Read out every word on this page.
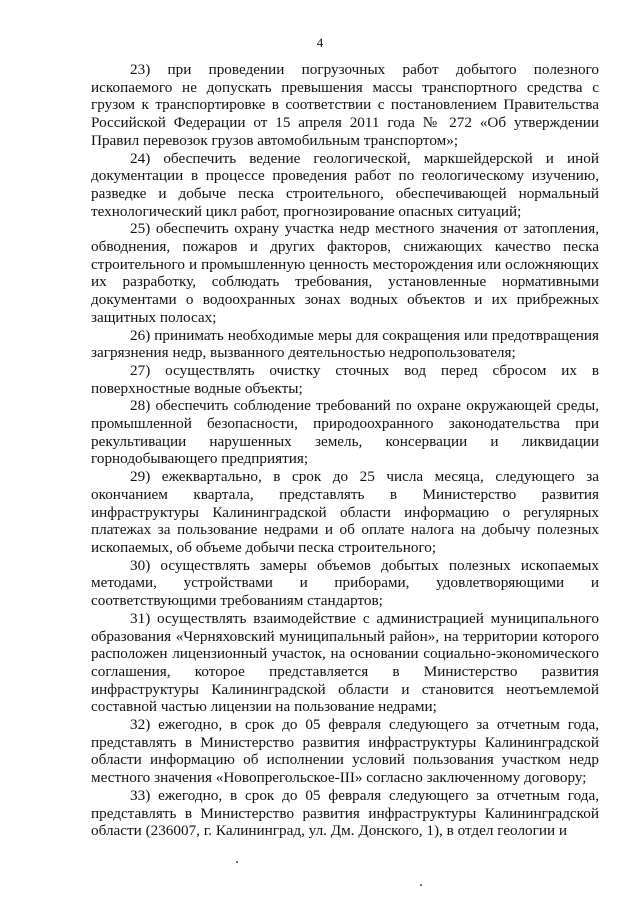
4

23) при проведении погрузочных работ добытого полезного ископаемого не допускать превышения массы транспортного средства с грузом к транспортировке в соответствии с постановлением Правительства Российской Федерации от 15 апреля 2011 года № 272 «Об утверждении Правил перевозок грузов автомобильным транспортом»;

24) обеспечить ведение геологической, маркшейдерской и иной документации в процессе проведения работ по геологическому изучению, разведке и добыче песка строительного, обеспечивающей нормальный технологический цикл работ, прогнозирование опасных ситуаций;

25) обеспечить охрану участка недр местного значения от затопления, обводнения, пожаров и других факторов, снижающих качество песка строительного и промышленную ценность месторождения или осложняющих их разработку, соблюдать требования, установленные нормативными документами о водоохранных зонах водных объектов и их прибрежных защитных полосах;

26) принимать необходимые меры для сокращения или предотвращения загрязнения недр, вызванного деятельностью недропользователя;

27) осуществлять очистку сточных вод перед сбросом их в поверхностные водные объекты;

28) обеспечить соблюдение требований по охране окружающей среды, промышленной безопасности, природоохранного законодательства при рекультивации нарушенных земель, консервации и ликвидации горнодобывающего предприятия;

29) ежеквартально, в срок до 25 числа месяца, следующего за окончанием квартала, представлять в Министерство развития инфраструктуры Калининградской области информацию о регулярных платежах за пользование недрами и об оплате налога на добычу полезных ископаемых, об объеме добычи песка строительного;

30) осуществлять замеры объемов добытых полезных ископаемых методами, устройствами и приборами, удовлетворяющими и соответствующими требованиям стандартов;

31) осуществлять взаимодействие с администрацией муниципального образования «Черняховский муниципальный район», на территории которого расположен лицензионный участок, на основании социально-экономического соглашения, которое представляется в Министерство развития инфраструктуры Калининградской области и становится неотъемлемой составной частью лицензии на пользование недрами;

32) ежегодно, в срок до 05 февраля следующего за отчетным года, представлять в Министерство развития инфраструктуры Калининградской области информацию об исполнении условий пользования участком недр местного значения «Новопрегольское-III» согласно заключенному договору;

33) ежегодно, в срок до 05 февраля следующего за отчетным года, представлять в Министерство развития инфраструктуры Калининградской области (236007, г. Калининград, ул. Дм. Донского, 1), в отдел геологии и
